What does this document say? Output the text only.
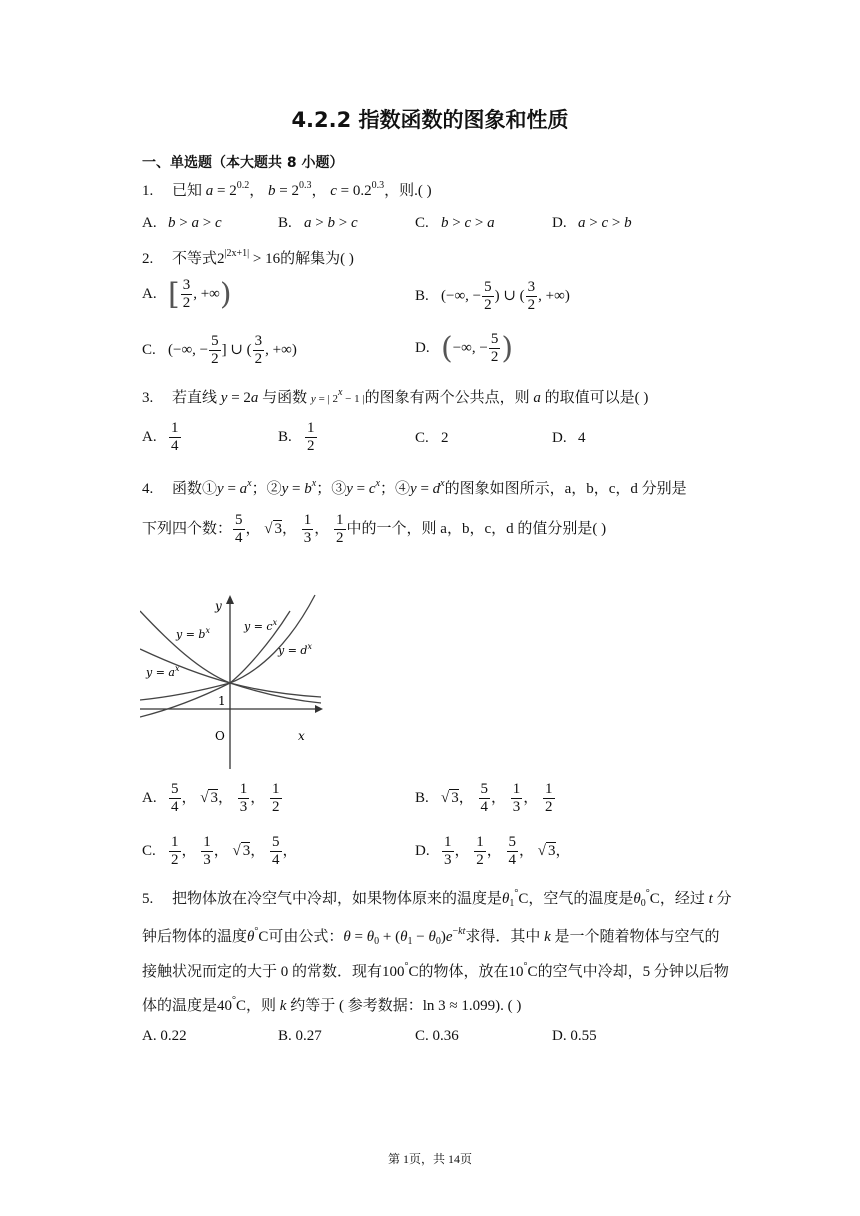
4.2.2 指数函数的图象和性质
一、单选题（本大题共 8 小题）
1. 已知 $a = 2^{0.2}$， $b = 2^{0.3}$， $c = 0.2^{0.3}$，则.( )
A. b > a > c	B. a > b > c	C. b > c > a	D. a > c > b
2. 不等式$2^{|2x+1|} > 16$的解集为( )
A. [ $\frac{3}{2}$ , +∞)	B. (−∞, − $\frac{5}{2}$ ) ∪ ( $\frac{3}{2}$ , +∞)
C. (−∞, − $\frac{5}{2}$ ] ∪ ( $\frac{3}{2}$ , +∞)	D. (−∞, − $\frac{5}{2}$ )
3. 若直线 y = 2a 与函数 y = | $2^x - 1$ |的图象有两个公共点，则 a 的取值可以是( )
A. $\frac{1}{4}$	B. $\frac{1}{2}$	C. 2	D. 4
4. 函数①y = $a^x$；②y = $b^x$；③y = $c^x$；④y = $d^x$的图象如图所示，a，b，c，d 分别是
下列四个数： $\frac{5}{4}$ ， √ 3， $\frac{1}{3}$ ， $\frac{1}{2}$ 中的一个，则 a，b，c，d 的值分别是( )
y
x
O
1
$y = b^x$	$y = c^x$
$y = d^x$
$y = a^x$
A. $\frac{5}{4}$ ， √ 3， $\frac{1}{3}$ ， $\frac{1}{2}$	B. √ 3， $\frac{5}{4}$ ， $\frac{1}{3}$ ， $\frac{1}{2}$
C. $\frac{1}{2}$ ， $\frac{1}{3}$ ， √ 3， $\frac{5}{4}$ ，	D. $\frac{1}{3}$ ， $\frac{1}{2}$ ， $\frac{5}{4}$ ， √ 3，
5. 把物体放在冷空气中冷却，如果物体原来的温度是$\theta_1^\circ C$，空气的温度是$\theta_0^\circ C$，经过 t 分
钟后物体的温度θ°C可由公式：$\theta = \theta_0 + (\theta_1 - \theta_0)e^{-kt}$求得．其中 k 是一个随着物体与空气的
接触状况而定的大于 0 的常数．现有100°C的物体，放在10°C的空气中冷却，5 分钟以后物
体的温度是40°C，则 k 约等于 ( 参考数据：ln 3 ≈ 1.099). ( )
A. 0.22	B. 0.27	C. 0.36	D. 0.55
第 1页，共 14页
